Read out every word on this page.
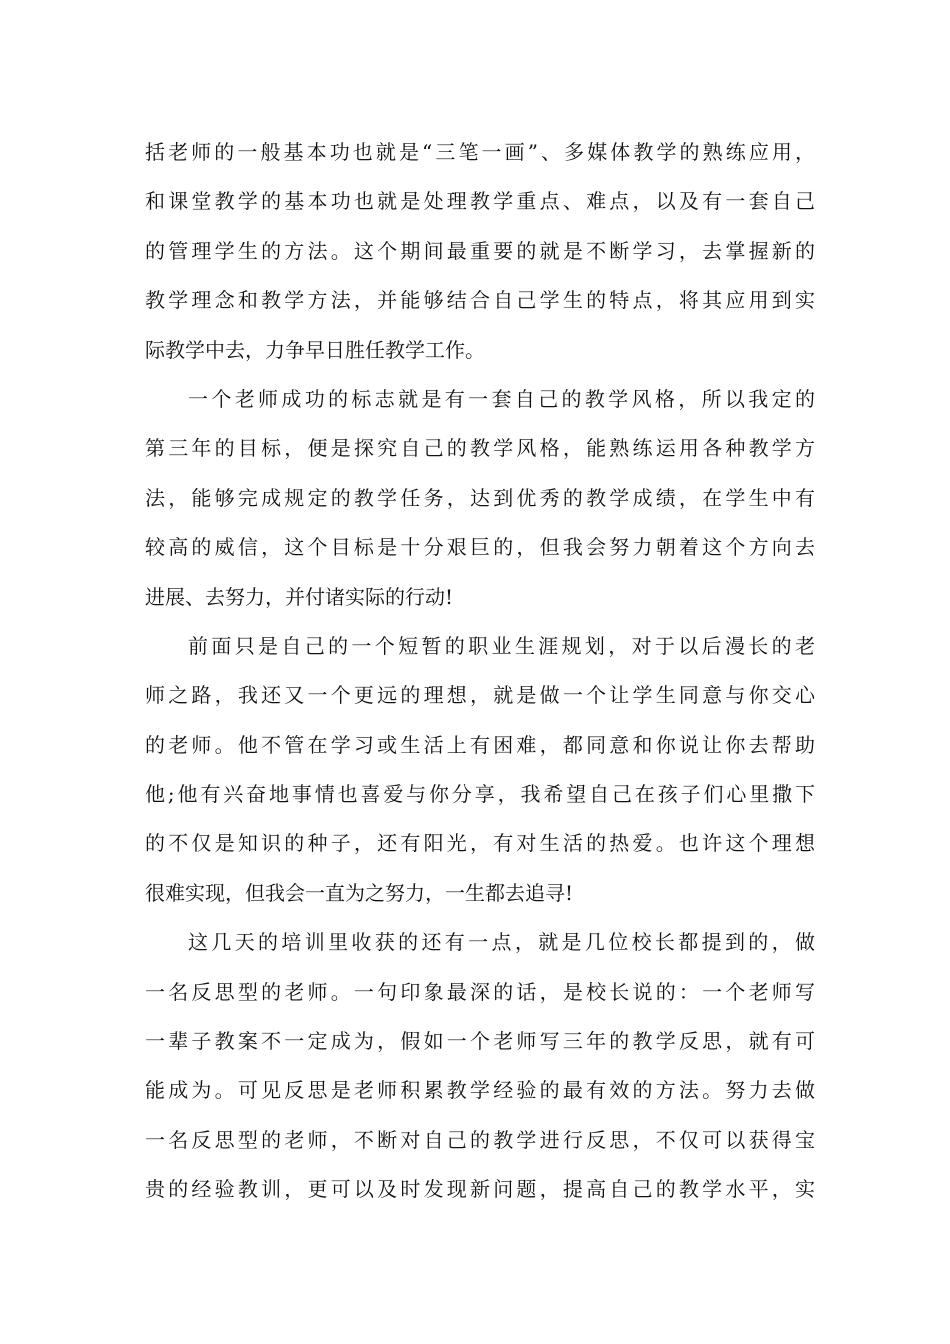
括老师的一般基本功也就是“三笔一画”、多媒体教学的熟练应用，
和课堂教学的基本功也就是处理教学重点、难点，以及有一套自己
的管理学生的方法。这个期间最重要的就是不断学习，去掌握新的
教学理念和教学方法，并能够结合自己学生的特点，将其应用到实
际教学中去，力争早日胜任教学工作。
一个老师成功的标志就是有一套自己的教学风格，所以我定的
第三年的目标，便是探究自己的教学风格，能熟练运用各种教学方
法，能够完成规定的教学任务，达到优秀的教学成绩，在学生中有
较高的威信，这个目标是十分艰巨的，但我会努力朝着这个方向去
进展、去努力，并付诸实际的行动!
前面只是自己的一个短暂的职业生涯规划，对于以后漫长的老
师之路，我还又一个更远的理想，就是做一个让学生同意与你交心
的老师。他不管在学习或生活上有困难，都同意和你说让你去帮助
他;他有兴奋地事情也喜爱与你分享，我希望自己在孩子们心里撒下
的不仅是知识的种子，还有阳光，有对生活的热爱。也许这个理想
很难实现，但我会一直为之努力，一生都去追寻!
这几天的培训里收获的还有一点，就是几位校长都提到的，做
一名反思型的老师。一句印象最深的话，是校长说的：一个老师写
一辈子教案不一定成为，假如一个老师写三年的教学反思，就有可
能成为。可见反思是老师积累教学经验的最有效的方法。努力去做
一名反思型的老师，不断对自己的教学进行反思，不仅可以获得宝
贵的经验教训，更可以及时发现新问题，提高自己的教学水平，实
